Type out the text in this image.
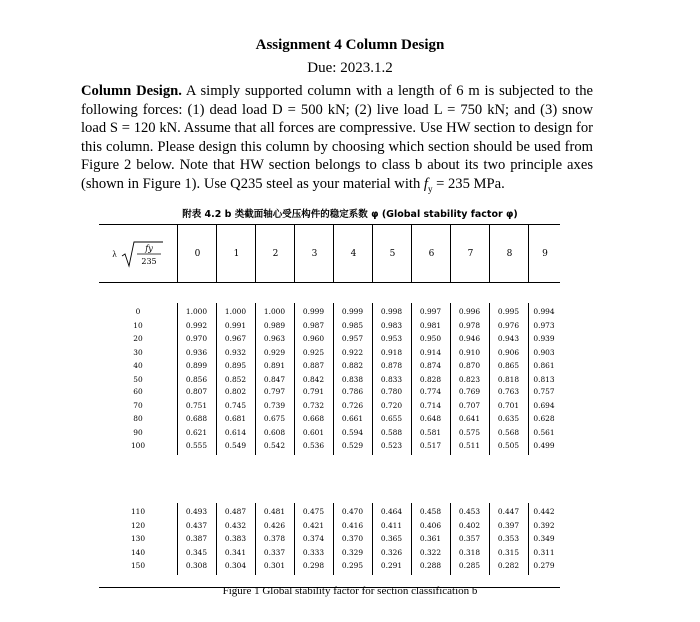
Assignment 4 Column Design
Due: 2023.1.2
Column Design. A simply supported column with a length of 6 m is subjected to the following forces: (1) dead load D = 500 kN; (2) live load L = 750 kN; and (3) snow load S = 120 kN. Assume that all forces are compressive. Use HW section to design for this column. Please design this column by choosing which section should be used from Figure 2 below. Note that HW section belongs to class b about its two principle axes (shown in Figure 1). Use Q235 steel as your material with $f_y = 235$ MPa.
附表 4.2 b 类截面轴心受压构件的稳定系数 φ (Global stability factor φ)
λ
fy
235
0	1	2	3	4	5	6	7	8	9
0	1.000	1.000	1.000	0.999	0.999	0.998	0.997	0.996	0.995	0.994
10	0.992	0.991	0.989	0.987	0.985	0.983	0.981	0.978	0.976	0.973
20	0.970	0.967	0.963	0.960	0.957	0.953	0.950	0.946	0.943	0.939
30	0.936	0.932	0.929	0.925	0.922	0.918	0.914	0.910	0.906	0.903
40	0.899	0.895	0.891	0.887	0.882	0.878	0.874	0.870	0.865	0.861
50	0.856	0.852	0.847	0.842	0.838	0.833	0.828	0.823	0.818	0.813
60	0.807	0.802	0.797	0.791	0.786	0.780	0.774	0.769	0.763	0.757
70	0.751	0.745	0.739	0.732	0.726	0.720	0.714	0.707	0.701	0.694
80	0.688	0.681	0.675	0.668	0.661	0.655	0.648	0.641	0.635	0.628
90	0.621	0.614	0.608	0.601	0.594	0.588	0.581	0.575	0.568	0.561
100	0.555	0.549	0.542	0.536	0.529	0.523	0.517	0.511	0.505	0.499
110	0.493	0.487	0.481	0.475	0.470	0.464	0.458	0.453	0.447	0.442
120	0.437	0.432	0.426	0.421	0.416	0.411	0.406	0.402	0.397	0.392
130	0.387	0.383	0.378	0.374	0.370	0.365	0.361	0.357	0.353	0.349
140	0.345	0.341	0.337	0.333	0.329	0.326	0.322	0.318	0.315	0.311
150	0.308	0.304	0.301	0.298	0.295	0.291	0.288	0.285	0.282	0.279
Figure 1 Global stability factor for section classification b
